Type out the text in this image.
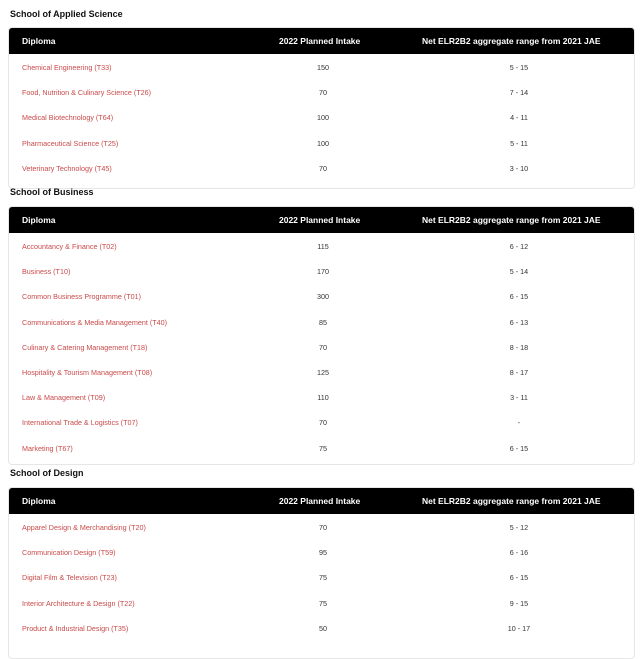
School of Applied Science
Diploma	2022 Planned Intake	Net ELR2B2 aggregate range from 2021 JAE
Chemical Engineering (T33)	150	5 - 15
Food, Nutrition & Culinary Science (T26)	70	7 - 14
Medical Biotechnology (T64)	100	4 - 11
Pharmaceutical Science (T25)	100	5 - 11
Veterinary Technology (T45)	70	3 - 10
School of Business
Diploma	2022 Planned Intake	Net ELR2B2 aggregate range from 2021 JAE
Accountancy & Finance (T02)	115	6 - 12
Business (T10)	170	5 - 14
Common Business Programme (T01)	300	6 - 15
Communications & Media Management (T40)	85	6 - 13
Culinary & Catering Management (T18)	70	8 - 18
Hospitality & Tourism Management (T08)	125	8 - 17
Law & Management (T09)	110	3 - 11
International Trade & Logistics (T07)	70	-
Marketing (T67)	75	6 - 15
School of Design
Diploma	2022 Planned Intake	Net ELR2B2 aggregate range from 2021 JAE
Apparel Design & Merchandising (T20)	70	5 - 12
Communication Design (T59)	95	6 - 16
Digital Film & Television (T23)	75	6 - 15
Interior Architecture & Design (T22)	75	9 - 15
Product & Industrial Design (T35)	50	10 - 17
